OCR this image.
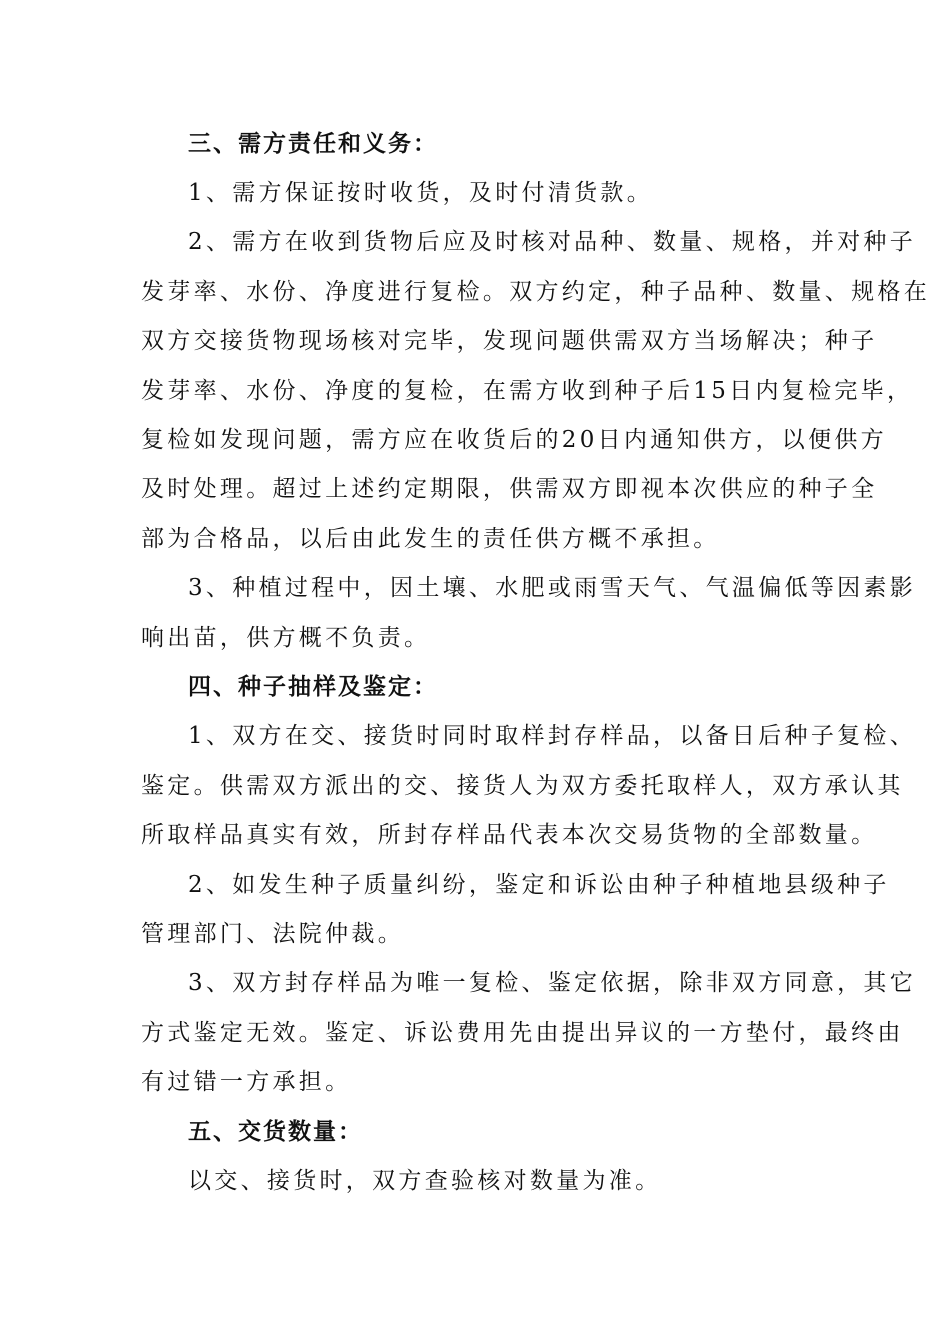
三、需方责任和义务：
1、需方保证按时收货，及时付清货款。
2、需方在收到货物后应及时核对品种、数量、规格，并对种子
发芽率、水份、净度进行复检。双方约定，种子品种、数量、规格在
双方交接货物现场核对完毕，发现问题供需双方当场解决；种子
发芽率、水份、净度的复检，在需方收到种子后15日内复检完毕，
复检如发现问题，需方应在收货后的20日内通知供方，以便供方
及时处理。超过上述约定期限，供需双方即视本次供应的种子全
部为合格品，以后由此发生的责任供方概不承担。
3、种植过程中，因土壤、水肥或雨雪天气、气温偏低等因素影
响出苗，供方概不负责。
四、种子抽样及鉴定：
1、双方在交、接货时同时取样封存样品，以备日后种子复检、
鉴定。供需双方派出的交、接货人为双方委托取样人，双方承认其
所取样品真实有效，所封存样品代表本次交易货物的全部数量。
2、如发生种子质量纠纷，鉴定和诉讼由种子种植地县级种子
管理部门、法院仲裁。
3、双方封存样品为唯一复检、鉴定依据，除非双方同意，其它
方式鉴定无效。鉴定、诉讼费用先由提出异议的一方垫付，最终由
有过错一方承担。
五、交货数量：
以交、接货时，双方查验核对数量为准。
